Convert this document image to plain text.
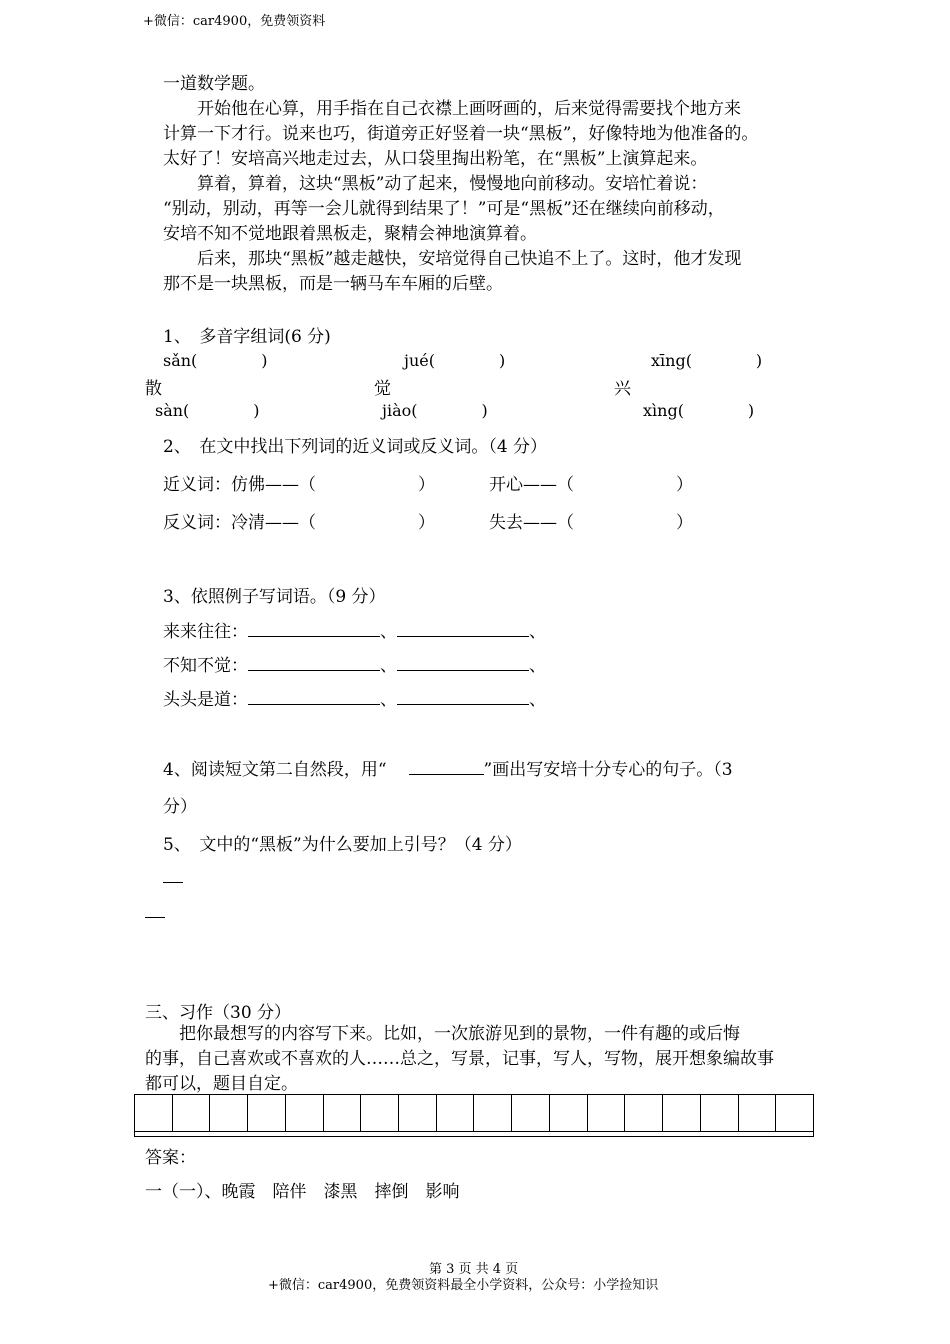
+微信：car4900，免费领资料
一道数学题。
　　开始他在心算，用手指在自己衣襟上画呀画的，后来觉得需要找个地方来
计算一下才行。说来也巧，街道旁正好竖着一块“黑板”，好像特地为他准备的。
太好了！安培高兴地走过去，从口袋里掏出粉笔，在“黑板”上演算起来。
　　算着，算着，这块“黑板”动了起来，慢慢地向前移动。安培忙着说：
“别动，别动，再等一会儿就得到结果了！”可是“黑板”还在继续向前移动，
安培不知不觉地跟着黑板走，聚精会神地演算着。
　　后来，那块“黑板”越走越快，安培觉得自己快追不上了。这时，他才发现
那不是一块黑板，而是一辆马车车厢的后壁。
1、　多音字组词(6 分)
sǎn(　　　　)	jué(　　　　)	xīng(　　　　)
散	觉	兴
sàn(　　　　)	jiào(　　　　)	xìng(　　　　)
2、　在文中找出下列词的近义词或反义词。（4 分）
近义词：仿佛——（　　　　　　）	开心——（　　　　　　）
反义词：冷清——（　　　　　　）	失去——（　　　　　　）
3、依照例子写词语。（9 分）
来来往往：	、	、
不知不觉：	、	、
头头是道：	、	、
4、阅读短文第二自然段，用“	”画出写安培十分专心的句子。（3
分）
5、　文中的“黑板”为什么要加上引号？（4 分）
三、习作（30 分）
　　把你最想写的内容写下来。比如，一次旅游见到的景物，一件有趣的或后悔
的事，自己喜欢或不喜欢的人……总之，写景，记事，写人，写物，展开想象编故事
都可以，题目自定。
答案：
一（一）、晚霞　陪伴　漆黑　摔倒　影响
第 3 页 共 4 页
+微信：car4900，免费领资料最全小学资料，公众号：小学捡知识
